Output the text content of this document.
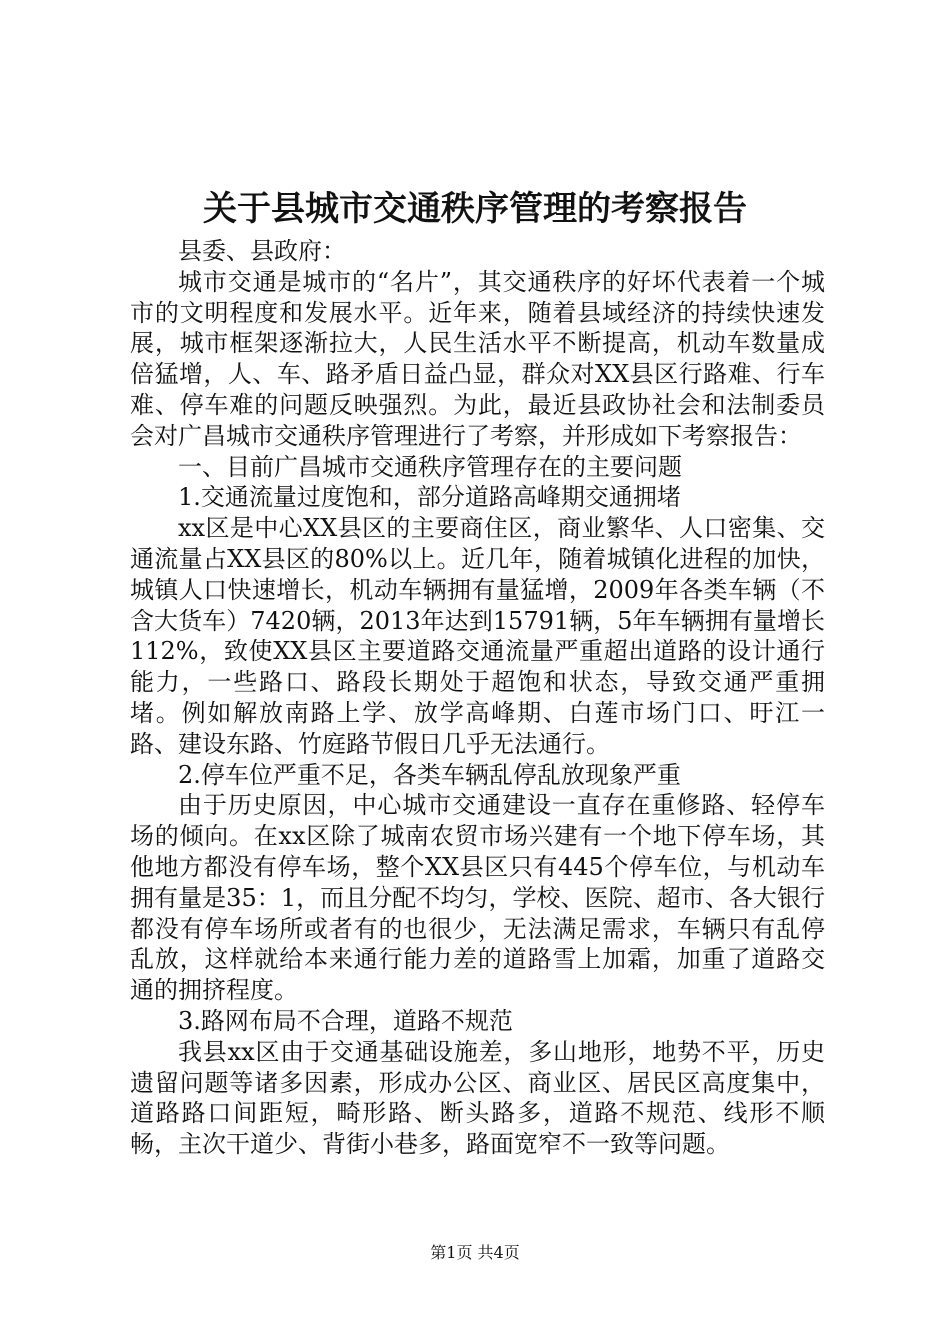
关于县城市交通秩序管理的考察报告

县委、县政府：

城市交通是城市的“名片”，其交通秩序的好坏代表着一个城市的文明程度和发展水平。近年来，随着县域经济的持续快速发展，城市框架逐渐拉大，人民生活水平不断提高，机动车数量成倍猛增，人、车、路矛盾日益凸显，群众对XX县区行路难、行车难、停车难的问题反映强烈。为此，最近县政协社会和法制委员会对广昌城市交通秩序管理进行了考察，并形成如下考察报告：

一、目前广昌城市交通秩序管理存在的主要问题

1.交通流量过度饱和，部分道路高峰期交通拥堵

xx区是中心XX县区的主要商住区，商业繁华、人口密集、交通流量占XX县区的80%以上。近几年，随着城镇化进程的加快，城镇人口快速增长，机动车辆拥有量猛增，2009年各类车辆（不含大货车）7420辆，2013年达到15791辆，5年车辆拥有量增长112%，致使XX县区主要道路交通流量严重超出道路的设计通行能力，一些路口、路段长期处于超饱和状态，导致交通严重拥堵。例如解放南路上学、放学高峰期、白莲市场门口、旴江一路、建设东路、竹庭路节假日几乎无法通行。

2.停车位严重不足，各类车辆乱停乱放现象严重

由于历史原因，中心城市交通建设一直存在重修路、轻停车场的倾向。在xx区除了城南农贸市场兴建有一个地下停车场，其他地方都没有停车场，整个XX县区只有445个停车位，与机动车拥有量是35：1，而且分配不均匀，学校、医院、超市、各大银行都没有停车场所或者有的也很少，无法满足需求，车辆只有乱停乱放，这样就给本来通行能力差的道路雪上加霜，加重了道路交通的拥挤程度。

3.路网布局不合理，道路不规范

我县xx区由于交通基础设施差，多山地形，地势不平，历史遗留问题等诸多因素，形成办公区、商业区、居民区高度集中，道路路口间距短，畸形路、断头路多，道路不规范、线形不顺畅，主次干道少、背街小巷多，路面宽窄不一致等问题。

第1页 共4页
